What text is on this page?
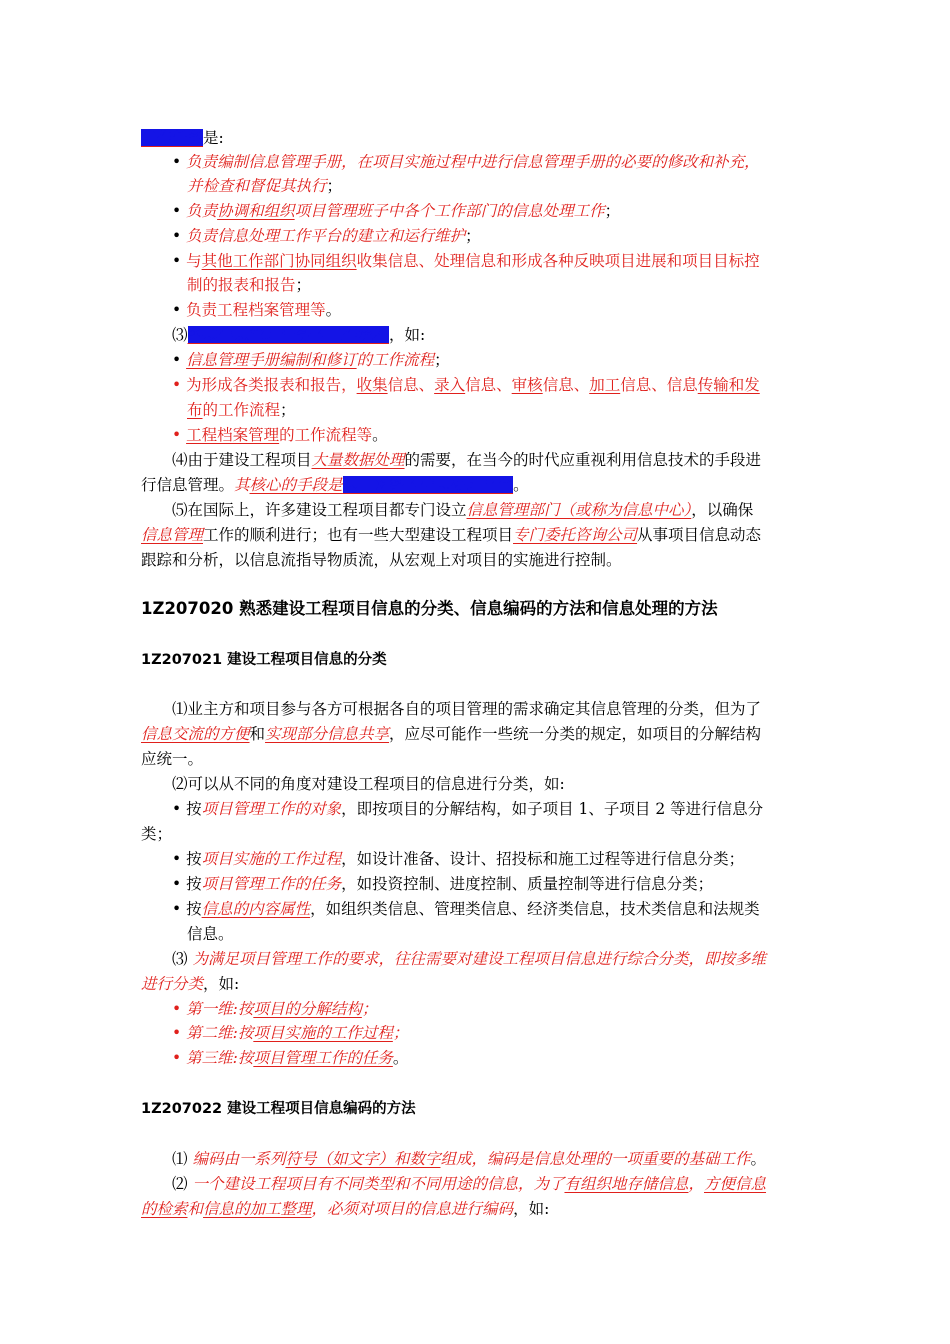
工作任务是:
• 负责编制信息管理手册，在项目实施过程中进行信息管理手册的必要的修改和补充，
并检查和督促其执行；
• 负责协调和组织项目管理班子中各个工作部门的信息处理工作；
• 负责信息处理工作平台的建立和运行维护；
• 与其他工作部门协同组织收集信息、处理信息和形成各种反映项目进展和项目目标控
制的报表和报告；
• 负责工程档案管理等。
⑶各项信息管理任务的工作流程，如:
• 信息管理手册编制和修订的工作流程；
• 为形成各类报表和报告，收集信息、录入信息、审核信息、加工信息、信息传输和发
布的工作流程；
• 工程档案管理的工作流程等。
⑷由于建设工程项目大量数据处理的需要，在当今的时代应重视利用信息技术的手段进
行信息管理。其核心的手段是基于网络的信息处理平台。
⑸在国际上，许多建设工程项目都专门设立信息管理部门（或称为信息中心），以确保
信息管理工作的顺利进行；也有一些大型建设工程项目专门委托咨询公司从事项目信息动态
跟踪和分析，以信息流指导物质流，从宏观上对项目的实施进行控制。
1Z207020 熟悉建设工程项目信息的分类、信息编码的方法和信息处理的方法
1Z207021 建设工程项目信息的分类
⑴业主方和项目参与各方可根据各自的项目管理的需求确定其信息管理的分类，但为了
信息交流的方便和实现部分信息共享，应尽可能作一些统一分类的规定，如项目的分解结构
应统一。
⑵可以从不同的角度对建设工程项目的信息进行分类，如:
• 按项目管理工作的对象，即按项目的分解结构，如子项目 1、子项目 2 等进行信息分
类；
• 按项目实施的工作过程，如设计准备、设计、招投标和施工过程等进行信息分类；
• 按项目管理工作的任务，如投资控制、进度控制、质量控制等进行信息分类；
• 按信息的内容属性，如组织类信息、管理类信息、经济类信息，技术类信息和法规类
信息。
⑶ 为满足项目管理工作的要求，往往需要对建设工程项目信息进行综合分类，即按多维
进行分类，如:
• 第一维:按项目的分解结构；
• 第二维:按项目实施的工作过程；
• 第三维:按项目管理工作的任务。
1Z207022 建设工程项目信息编码的方法
⑴ 编码由一系列符号（如文字）和数字组成，编码是信息处理的一项重要的基础工作。
⑵ 一个建设工程项目有不同类型和不同用途的信息，为了有组织地存储信息，方便信息
的检索和信息的加工整理，必须对项目的信息进行编码，如:
